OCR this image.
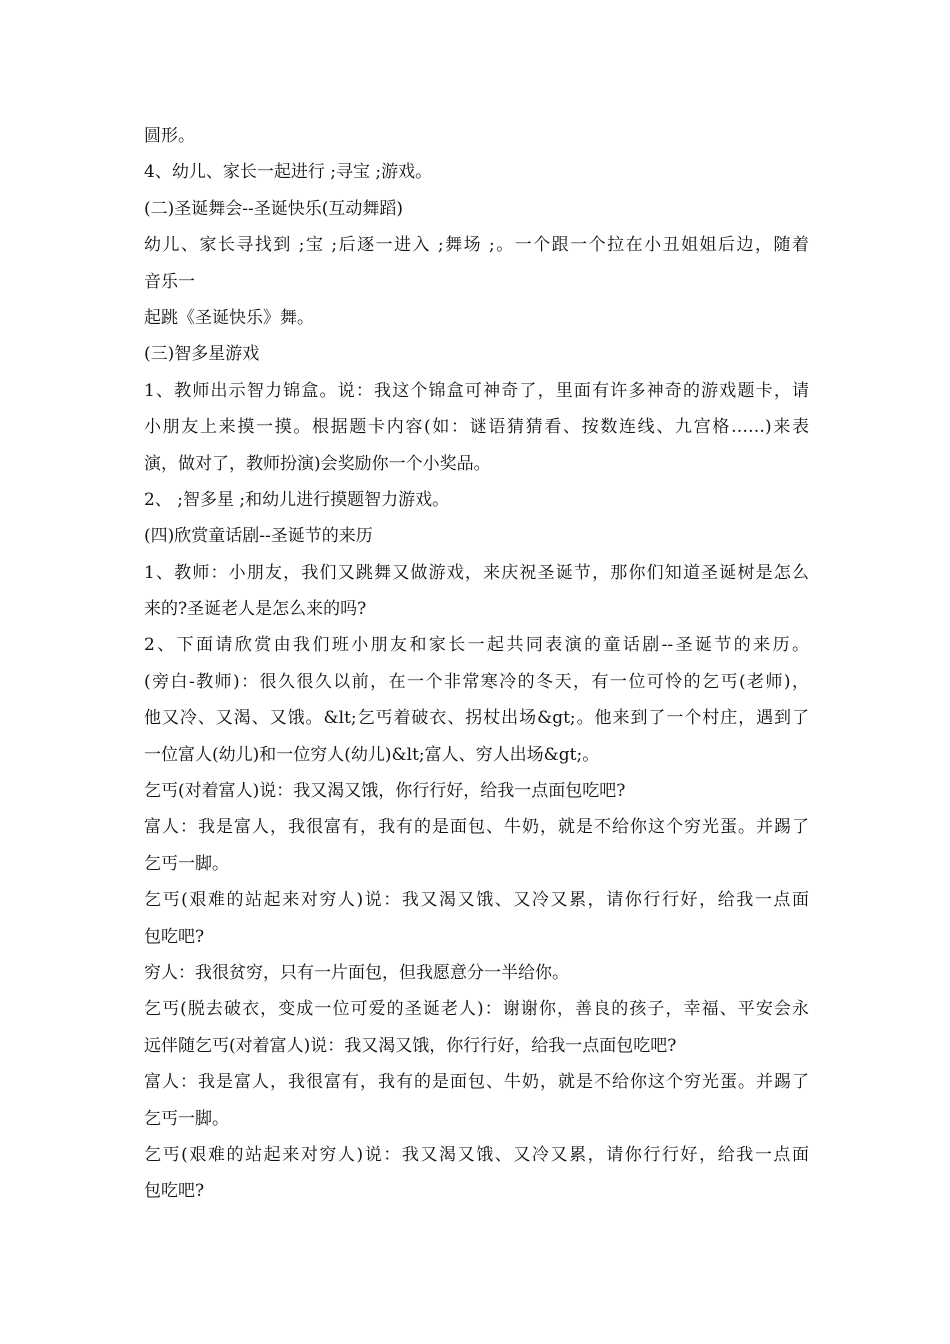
圆形。
4、幼儿、家长一起进行 ;寻宝 ;游戏。
(二)圣诞舞会--圣诞快乐(互动舞蹈)
幼儿、家长寻找到 ;宝 ;后逐一进入 ;舞场 ;。一个跟一个拉在小丑姐姐后边，随着
音乐一
起跳《圣诞快乐》舞。
(三)智多星游戏
1、教师出示智力锦盒。说：我这个锦盒可神奇了，里面有许多神奇的游戏题卡，请
小朋友上来摸一摸。根据题卡内容(如：谜语猜猜看、按数连线、九宫格……)来表
演，做对了，教师扮演)会奖励你一个小奖品。
2、 ;智多星 ;和幼儿进行摸题智力游戏。
(四)欣赏童话剧--圣诞节的来历
1、教师：小朋友，我们又跳舞又做游戏，来庆祝圣诞节，那你们知道圣诞树是怎么
来的?圣诞老人是怎么来的吗?
2、下面请欣赏由我们班小朋友和家长一起共同表演的童话剧--圣诞节的来历。
(旁白-教师)：很久很久以前，在一个非常寒冷的冬天，有一位可怜的乞丐(老师)，
他又冷、又渴、又饿。&lt;乞丐着破衣、拐杖出场&gt;。他来到了一个村庄，遇到了
一位富人(幼儿)和一位穷人(幼儿)&lt;富人、穷人出场&gt;。
乞丐(对着富人)说：我又渴又饿，你行行好，给我一点面包吃吧?
富人：我是富人，我很富有，我有的是面包、牛奶，就是不给你这个穷光蛋。并踢了
乞丐一脚。
乞丐(艰难的站起来对穷人)说：我又渴又饿、又冷又累，请你行行好，给我一点面
包吃吧?
穷人：我很贫穷，只有一片面包，但我愿意分一半给你。
乞丐(脱去破衣，变成一位可爱的圣诞老人)：谢谢你，善良的孩子，幸福、平安会永
远伴随乞丐(对着富人)说：我又渴又饿，你行行好，给我一点面包吃吧?
富人：我是富人，我很富有，我有的是面包、牛奶，就是不给你这个穷光蛋。并踢了
乞丐一脚。
乞丐(艰难的站起来对穷人)说：我又渴又饿、又冷又累，请你行行好，给我一点面
包吃吧?
